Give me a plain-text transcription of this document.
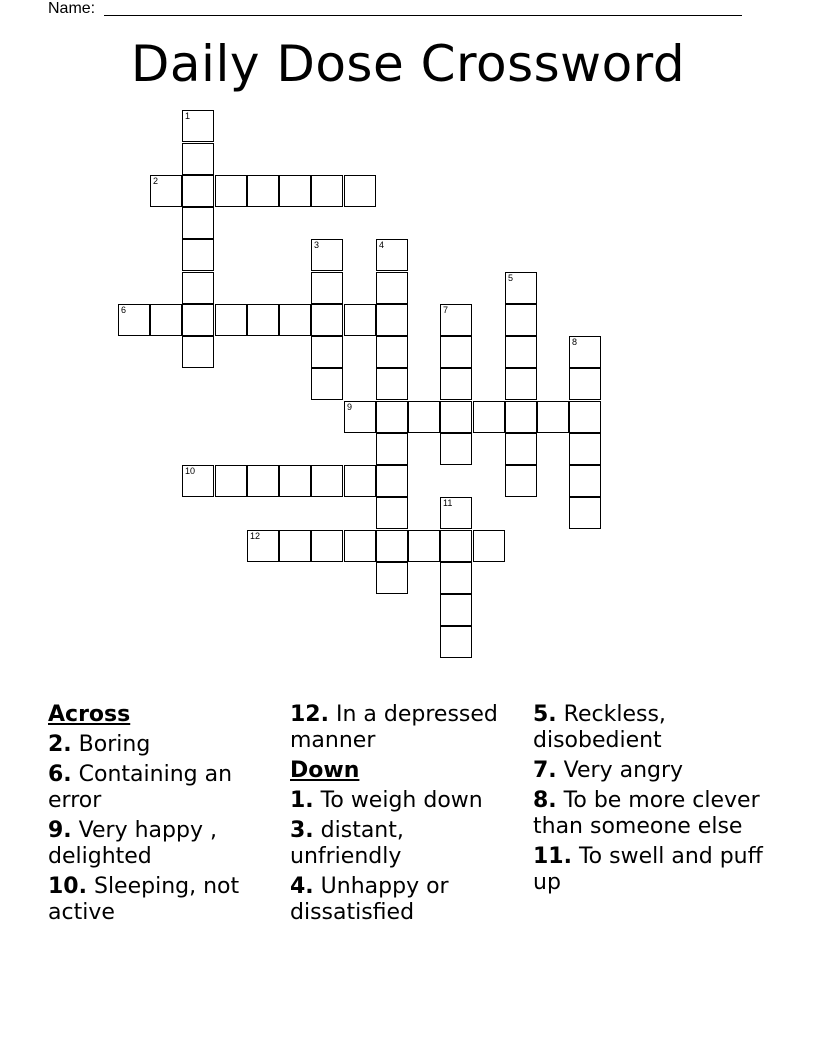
Name:
Daily Dose Crossword
2
6
9
10
12
1
3	4
5
7
8
11
Across
2. Boring
6. Containing an error
9. Very happy , delighted
10. Sleeping, not active
12. In a depressed manner
Down
1. To weigh down
3. distant, unfriendly
4. Unhappy or dissatisfied
5. Reckless, disobedient
7. Very angry
8. To be more clever than someone else
11. To swell and puff up
